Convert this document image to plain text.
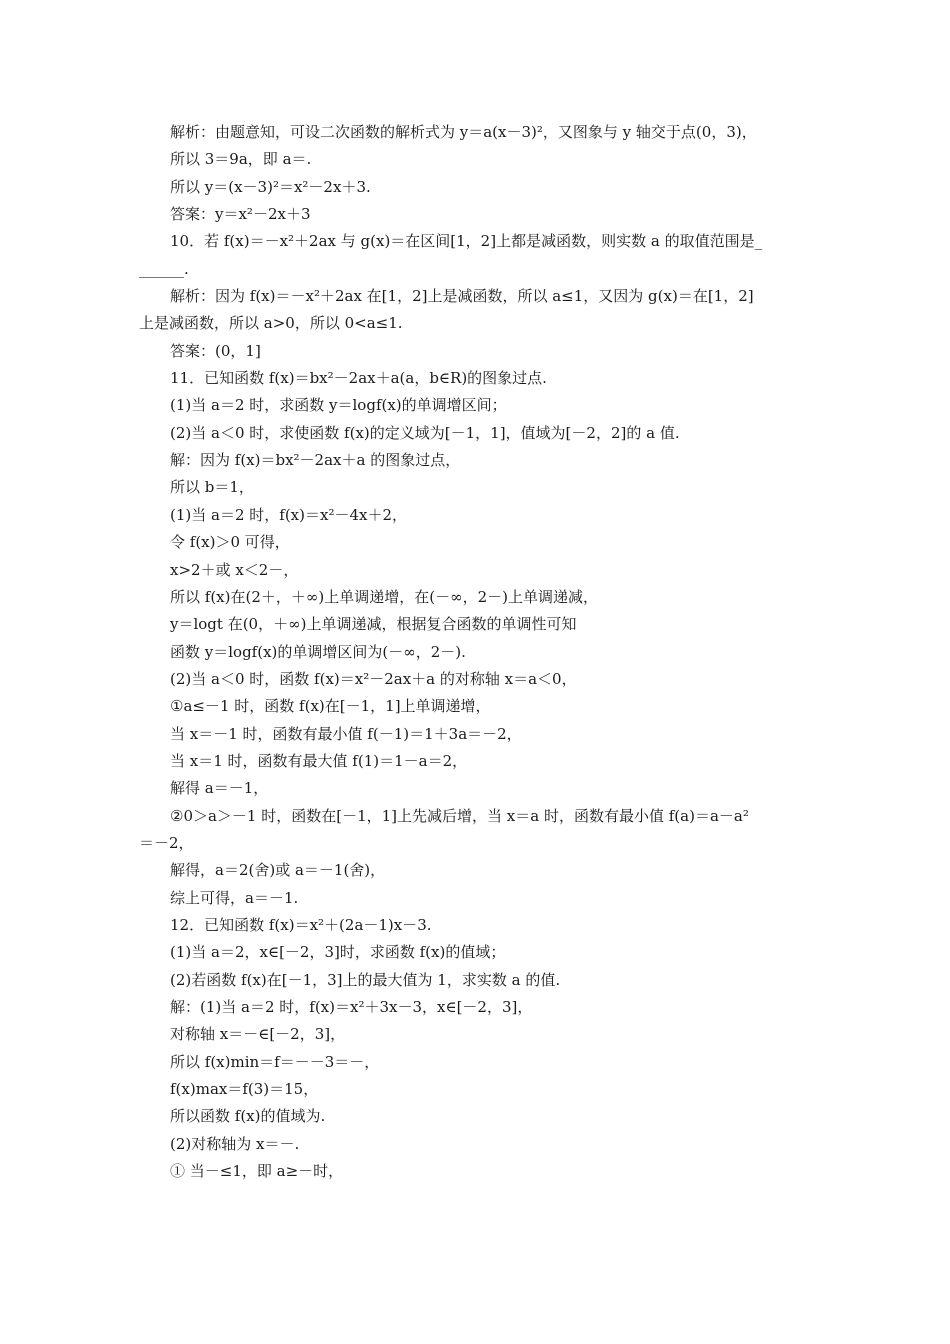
解析：由题意知，可设二次函数的解析式为 y＝a(x－3)²，又图象与 y 轴交于点(0，3)，
所以 3＝9a，即 a＝.
所以 y＝(x－3)²＝x²－2x＋3.
答案：y＝x²－2x＋3
10．若 f(x)＝－x²＋2ax 与 g(x)＝在区间[1，2]上都是减函数，则实数 a 的取值范围是_
______.
解析：因为 f(x)＝－x²＋2ax 在[1，2]上是减函数，所以 a≤1，又因为 g(x)＝在[1，2]
上是减函数，所以 a>0，所以 0<a≤1.
答案：(0，1]
11．已知函数 f(x)＝bx²－2ax＋a(a，b∈R)的图象过点.
(1)当 a＝2 时，求函数 y＝logf(x)的单调增区间；
(2)当 a＜0 时，求使函数 f(x)的定义域为[－1，1]，值域为[－2，2]的 a 值.
解：因为 f(x)＝bx²－2ax＋a 的图象过点，
所以 b＝1，
(1)当 a＝2 时，f(x)＝x²－4x＋2，
令 f(x)＞0 可得，
x>2＋或 x＜2－，
所以 f(x)在(2＋，＋∞)上单调递增，在(－∞，2－)上单调递减，
y＝logt 在(0，＋∞)上单调递减，根据复合函数的单调性可知
函数 y＝logf(x)的单调增区间为(－∞，2－).
(2)当 a＜0 时，函数 f(x)＝x²－2ax＋a 的对称轴 x＝a＜0，
①a≤－1 时，函数 f(x)在[－1，1]上单调递增，
当 x＝－1 时，函数有最小值 f(－1)＝1＋3a＝－2，
当 x＝1 时，函数有最大值 f(1)＝1－a＝2，
解得 a＝－1，
②0＞a＞－1 时，函数在[－1，1]上先减后增，当 x＝a 时，函数有最小值 f(a)＝a－a²
＝－2，
解得，a＝2(舍)或 a＝－1(舍)，
综上可得，a＝－1.
12．已知函数 f(x)＝x²＋(2a－1)x－3.
(1)当 a＝2，x∈[－2，3]时，求函数 f(x)的值域；
(2)若函数 f(x)在[－1，3]上的最大值为 1，求实数 a 的值.
解：(1)当 a＝2 时，f(x)＝x²＋3x－3，x∈[－2，3]，
对称轴 x＝－∈[－2，3]，
所以 f(x)min＝f＝－－3＝－，
f(x)max＝f(3)＝15，
所以函数 f(x)的值域为.
(2)对称轴为 x＝－.
① 当－≤1，即 a≥－时，
